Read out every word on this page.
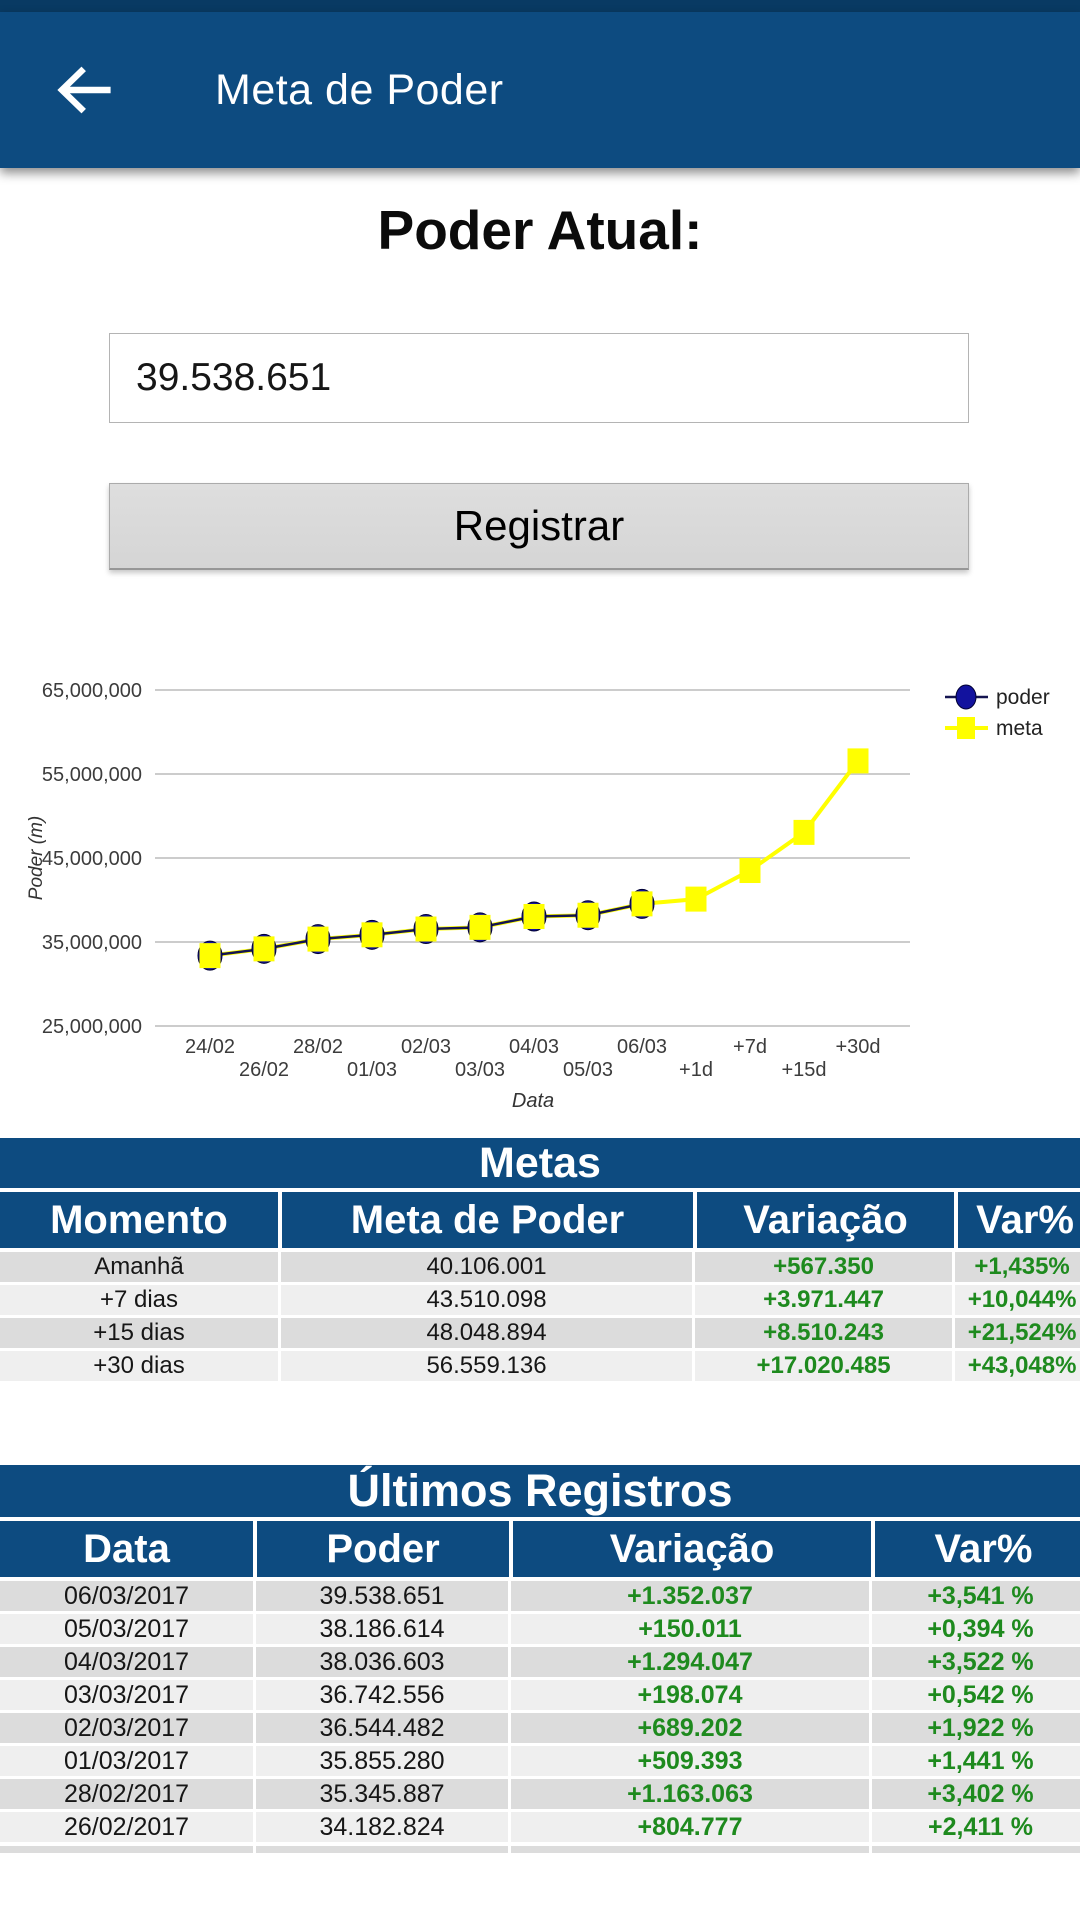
Meta de Poder
Poder Atual:
39.538.651
Registrar
65,000,000
55,000,000
45,000,000
35,000,000
25,000,000
24/02
26/02
28/02
01/03
02/03
03/03
04/03
05/03
06/03
+1d
+7d
+15d
+30d
Poder (m)
Data
poder
meta
Metas
Momento	Meta de Poder	Variação	Var%
Amanhã	40.106.001	+567.350	+1,435%
+7 dias	43.510.098	+3.971.447	+10,044%
+15 dias	48.048.894	+8.510.243	+21,524%
+30 dias	56.559.136	+17.020.485	+43,048%
Últimos Registros
Data	Poder	Variação	Var%
06/03/2017	39.538.651	+1.352.037	+3,541 %
05/03/2017	38.186.614	+150.011	+0,394 %
04/03/2017	38.036.603	+1.294.047	+3,522 %
03/03/2017	36.742.556	+198.074	+0,542 %
02/03/2017	36.544.482	+689.202	+1,922 %
01/03/2017	35.855.280	+509.393	+1,441 %
28/02/2017	35.345.887	+1.163.063	+3,402 %
26/02/2017	34.182.824	+804.777	+2,411 %
